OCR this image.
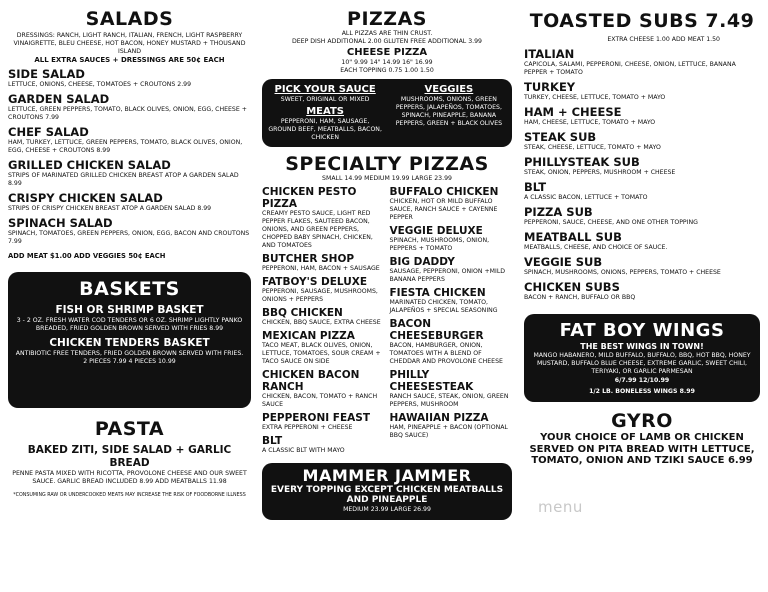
SALADS
DRESSINGS: RANCH, LIGHT RANCH, ITALIAN, FRENCH, LIGHT RASPBERRY VINAIGRETTE, BLEU CHEESE, HOT BACON, HONEY MUSTARD + THOUSAND ISLAND
ALL EXTRA SAUCES + DRESSINGS ARE 50¢ EACH
SIDE SALAD
LETTUCE, ONIONS, CHEESE, TOMATOES + CROUTONS 2.99
GARDEN SALAD
LETTUCE, GREEN PEPPERS, TOMATO, BLACK OLIVES, ONION, EGG, CHEESE + CROUTONS 7.99
CHEF SALAD
HAM, TURKEY, LETTUCE, GREEN PEPPERS, TOMATO, BLACK OLIVES, ONION, EGG, CHEESE + CROUTONS 8.99
GRILLED CHICKEN SALAD
STRIPS OF MARINATED GRILLED CHICKEN BREAST ATOP A GARDEN SALAD 8.99
CRISPY CHICKEN SALAD
STRIPS OF CRISPY CHICKEN BREAST ATOP A GARDEN SALAD 8.99
SPINACH SALAD
SPINACH, TOMATOES, GREEN PEPPERS, ONION, EGG, BACON AND CROUTONS 7.99
ADD MEAT $1.00 ADD VEGGIES 50¢ EACH
BASKETS
FISH OR SHRIMP BASKET
3 - 2 OZ. FRESH WATER COD TENDERS OR 6 OZ. SHRIMP LIGHTLY PANKO BREADED, FRIED GOLDEN BROWN SERVED WITH FRIES 8.99
CHICKEN TENDERS BASKET
ANTIBIOTIC FREE TENDERS, FRIED GOLDEN BROWN SERVED WITH FRIES. 2 PIECES 7.99 4 PIECES 10.99
PASTA
BAKED ZITI, SIDE SALAD + GARLIC BREAD
PENNE PASTA MIXED WITH RICOTTA, PROVOLONE CHEESE AND OUR SWEET SAUCE. GARLIC BREAD INCLUDED 8.99 ADD MEATBALLS 11.98
*CONSUMING RAW OR UNDERCOOKED MEATS MAY INCREASE THE RISK OF FOODBORNE ILLNESS
PIZZAS
ALL PIZZAS ARE THIN CRUST.
DEEP DISH ADDITIONAL 2.00 GLUTEN FREE ADDITIONAL 3.99
CHEESE PIZZA
10" 9.99 14" 14.99 16" 16.99
EACH TOPPING 0.75 1.00 1.50
PICK YOUR SAUCE
SWEET, ORIGINAL OR MIXED
MEATS
PEPPERONI, HAM, SAUSAGE, GROUND BEEF, MEATBALLS, BACON, CHICKEN
VEGGIES
MUSHROOMS, ONIONS, GREEN PEPPERS, JALAPEÑOS, TOMATOES, SPINACH, PINEAPPLE, BANANA PEPPERS, GREEN + BLACK OLIVES
SPECIALTY PIZZAS
SMALL 14.99 MEDIUM 19.99 LARGE 23.99
CHICKEN PESTO PIZZA
CREAMY PESTO SAUCE, LIGHT RED PEPPER FLAKES, SAUTEED BACON, ONIONS, AND GREEN PEPPERS, CHOPPED BABY SPINACH, CHICKEN, AND TOMATOES
BUTCHER SHOP
PEPPERONI, HAM, BACON + SAUSAGE
FATBOY'S DELUXE
PEPPERONI, SAUSAGE, MUSHROOMS, ONIONS + PEPPERS
BBQ CHICKEN
CHICKEN, BBQ SAUCE, EXTRA CHEESE
MEXICAN PIZZA
TACO MEAT, BLACK OLIVES, ONION, LETTUCE, TOMATOES, SOUR CREAM + TACO SAUCE ON SIDE
CHICKEN BACON RANCH
CHICKEN, BACON, TOMATO + RANCH SAUCE
PEPPERONI FEAST
EXTRA PEPPERONI + CHEESE
BLT
A CLASSIC BLT WITH MAYO
BUFFALO CHICKEN
CHICKEN, HOT OR MILD BUFFALO SAUCE, RANCH SAUCE + CAYENNE PEPPER
VEGGIE DELUXE
SPINACH, MUSHROOMS, ONION, PEPPERS + TOMATO
BIG DADDY
SAUSAGE, PEPPERONI, ONION +MILD BANANA PEPPERS
FIESTA CHICKEN
MARINATED CHICKEN, TOMATO, JALAPEÑOS + SPECIAL SEASONING
BACON CHEESEBURGER
BACON, HAMBURGER, ONION, TOMATOES WITH A BLEND OF CHEDDAR AND PROVOLONE CHEESE
PHILLY CHEESESTEAK
RANCH SAUCE, STEAK, ONION, GREEN PEPPERS, MUSHROOM
HAWAIIAN PIZZA
HAM, PINEAPPLE + BACON (OPTIONAL BBQ SAUCE)
MAMMER JAMMER
EVERY TOPPING EXCEPT CHICKEN MEATBALLS AND PINEAPPLE
MEDIUM 23.99 LARGE 26.99
TOASTED SUBS 7.49
EXTRA CHEESE 1.00 ADD MEAT 1.50
ITALIAN
CAPICOLA, SALAMI, PEPPERONI, CHEESE, ONION, LETTUCE, BANANA PEPPER + TOMATO
TURKEY
TURKEY, CHEESE, LETTUCE, TOMATO + MAYO
HAM + CHEESE
HAM, CHEESE, LETTUCE, TOMATO + MAYO
STEAK SUB
STEAK, CHEESE, LETTUCE, TOMATO + MAYO
PHILLYSTEAK SUB
STEAK, ONION, PEPPERS, MUSHROOM + CHEESE
BLT
A CLASSIC BACON, LETTUCE + TOMATO
PIZZA SUB
PEPPERONI, SAUCE, CHEESE, AND ONE OTHER TOPPING
MEATBALL SUB
MEATBALLS, CHEESE, AND CHOICE OF SAUCE.
VEGGIE SUB
SPINACH, MUSHROOMS, ONIONS, PEPPERS, TOMATO + CHEESE
CHICKEN SUBS
BACON + RANCH, BUFFALO OR BBQ
FAT BOY WINGS
THE BEST WINGS IN TOWN!
MANGO HABANERO, MILD BUFFALO, BUFFALO, BBQ, HOT BBQ, HONEY MUSTARD, BUFFALO BLUE CHEESE, EXTREME GARLIC, SWEET CHILI, TERIYAKI, OR GARLIC PARMESAN
6/7.99 12/10.99
1/2 LB. BONELESS WINGS 8.99
GYRO
YOUR CHOICE OF LAMB OR CHICKEN SERVED ON PITA BREAD WITH LETTUCE, TOMATO, ONION AND TZIKI SAUCE 6.99
menu
